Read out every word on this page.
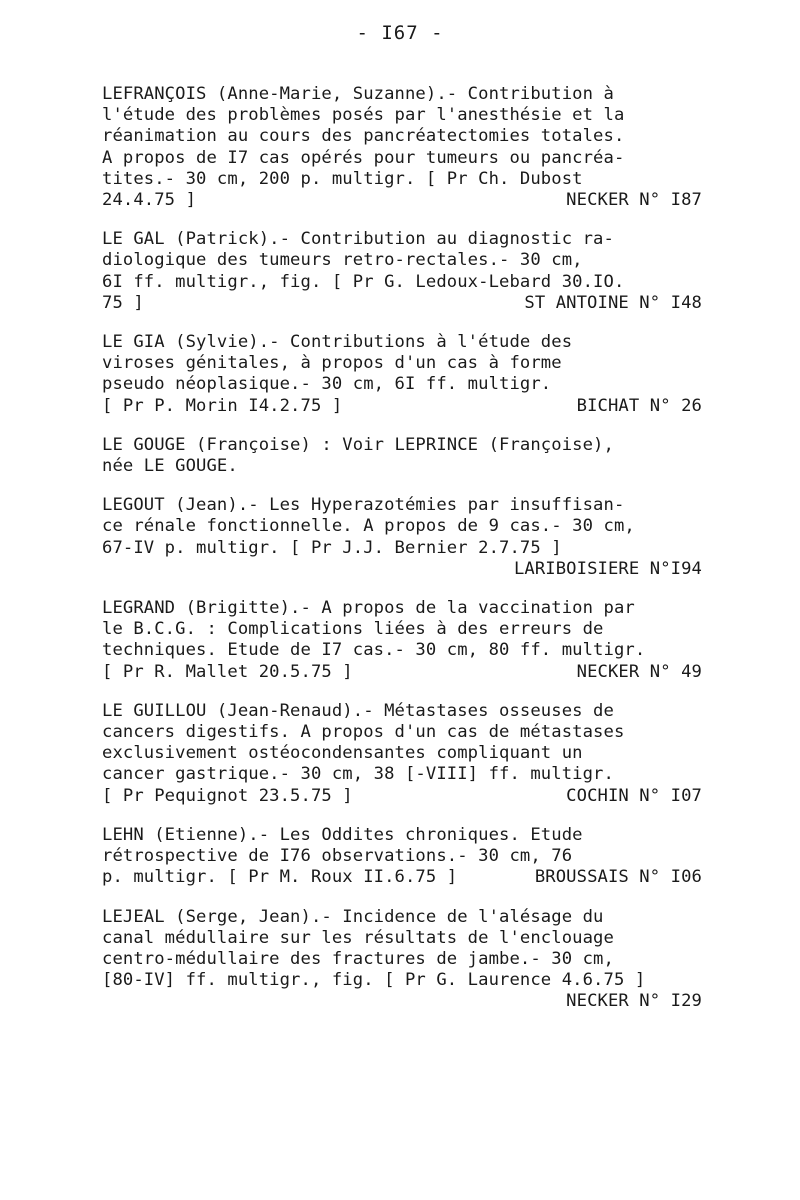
- I67 -
LEFRANÇOIS (Anne-Marie, Suzanne).- Contribution à
l'étude des problèmes posés par l'anesthésie et la
réanimation au cours des pancréatectomies totales.
A propos de I7 cas opérés pour tumeurs ou pancréa-
tites.- 30 cm, 200 p. multigr. [ Pr Ch. Dubost
24.4.75 ]	NECKER N° I87
LE GAL (Patrick).- Contribution au diagnostic ra-
diologique des tumeurs retro-rectales.- 30 cm,
6I ff. multigr., fig. [ Pr G. Ledoux-Lebard 30.IO.
75 ]	ST ANTOINE N° I48
LE GIA (Sylvie).- Contributions à l'étude des
viroses génitales, à propos d'un cas à forme
pseudo néoplasique.- 30 cm, 6I ff. multigr.
[ Pr P. Morin I4.2.75 ]	BICHAT N° 26
LE GOUGE (Françoise) : Voir LEPRINCE (Françoise),
née LE GOUGE.
LEGOUT (Jean).- Les Hyperazotémies par insuffisan-
ce rénale fonctionnelle. A propos de 9 cas.- 30 cm,
67-IV p. multigr. [ Pr J.J. Bernier 2.7.75 ]
LARIBOISIERE N°I94
LEGRAND (Brigitte).- A propos de la vaccination par
le B.C.G. : Complications liées à des erreurs de
techniques. Etude de I7 cas.- 30 cm, 80 ff. multigr.
[ Pr R. Mallet 20.5.75 ]	NECKER N° 49
LE GUILLOU (Jean-Renaud).- Métastases osseuses de
cancers digestifs. A propos d'un cas de métastases
exclusivement ostéocondensantes compliquant un
cancer gastrique.- 30 cm, 38 [-VIII] ff. multigr.
[ Pr Pequignot 23.5.75 ]	COCHIN N° I07
LEHN (Etienne).- Les Oddites chroniques. Etude
rétrospective de I76 observations.- 30 cm, 76
p. multigr. [ Pr M. Roux II.6.75 ]	BROUSSAIS N° I06
LEJEAL (Serge, Jean).- Incidence de l'alésage du
canal médullaire sur les résultats de l'enclouage
centro-médullaire des fractures de jambe.- 30 cm,
[80-IV] ff. multigr., fig. [ Pr G. Laurence 4.6.75 ]
NECKER N° I29
